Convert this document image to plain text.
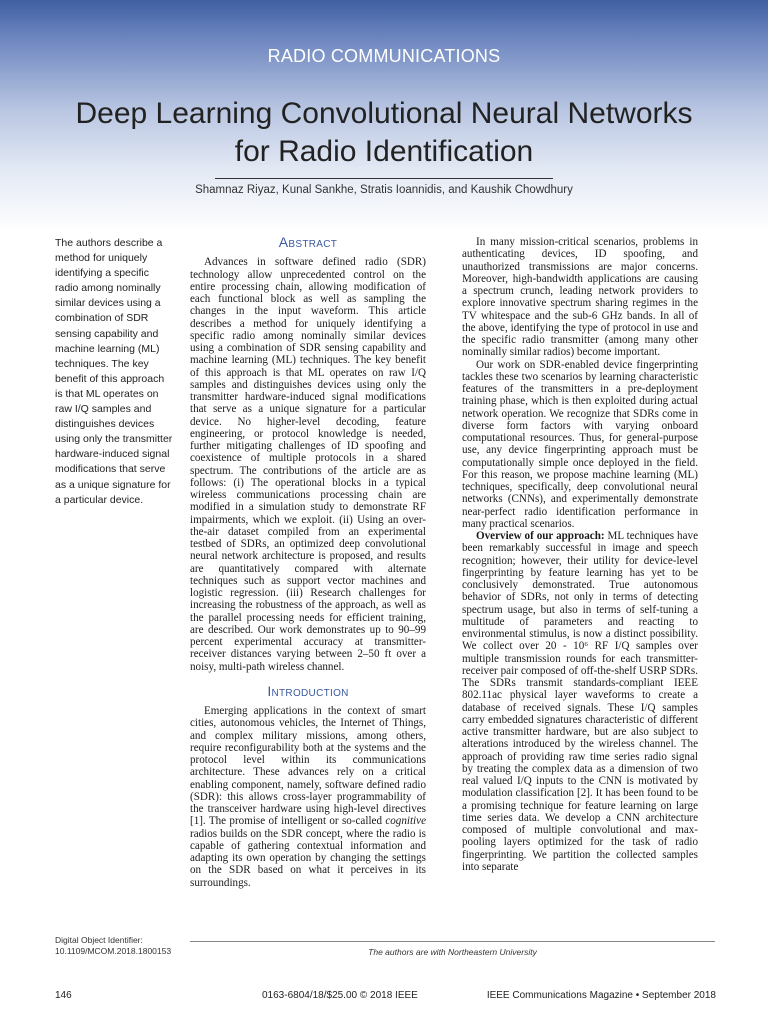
RADIO COMMUNICATIONS
Deep Learning Convolutional Neural Networks for Radio Identification
Shamnaz Riyaz, Kunal Sankhe, Stratis Ioannidis, and Kaushik Chowdhury

The authors describe a method for uniquely identifying a specific radio among nominally similar devices using a combination of SDR sensing capability and machine learning (ML) techniques. The key benefit of this approach is that ML operates on raw I/Q samples and distinguishes devices using only the transmitter hardware-induced signal modifications that serve as a unique signature for a particular device.

Abstract

Advances in software defined radio (SDR) technology allow unprecedented control on the entire processing chain, allowing modification of each functional block as well as sampling the changes in the input waveform. This article describes a method for uniquely identifying a specific radio among nominally similar devices using a combination of SDR sensing capability and machine learning (ML) techniques. The key benefit of this approach is that ML operates on raw I/Q samples and distinguishes devices using only the transmitter hardware-induced signal modifications that serve as a unique signature for a particular device. No higher-level decoding, feature engineering, or protocol knowledge is needed, further mitigating challenges of ID spoofing and coexistence of multiple protocols in a shared spectrum. The contributions of the article are as follows: (i) The operational blocks in a typical wireless communications processing chain are modified in a simulation study to demonstrate RF impairments, which we exploit. (ii) Using an over-the-air dataset compiled from an experimental testbed of SDRs, an optimized deep convolutional neural network architecture is proposed, and results are quantitatively compared with alternate techniques such as support vector machines and logistic regression. (iii) Research challenges for increasing the robustness of the approach, as well as the parallel processing needs for efficient training, are described. Our work demonstrates up to 90–99 percent experimental accuracy at transmitter-receiver distances varying between 2–50 ft over a noisy, multi-path wireless channel.

Introduction

Emerging applications in the context of smart cities, autonomous vehicles, the Internet of Things, and complex military missions, among others, require reconfigurability both at the systems and the protocol level within its communications architecture. These advances rely on a critical enabling component, namely, software defined radio (SDR): this allows cross-layer programmability of the transceiver hardware using high-level directives [1]. The promise of intelligent or so-called cognitive radios builds on the SDR concept, where the radio is capable of gathering contextual information and adapting its own operation by changing the settings on the SDR based on what it perceives in its surroundings.

In many mission-critical scenarios, problems in authenticating devices, ID spoofing, and unauthorized transmissions are major concerns. Moreover, high-bandwidth applications are causing a spectrum crunch, leading network providers to explore innovative spectrum sharing regimes in the TV whitespace and the sub-6 GHz bands. In all of the above, identifying the type of protocol in use and the specific radio transmitter (among many other nominally similar radios) become important.

Our work on SDR-enabled device fingerprinting tackles these two scenarios by learning characteristic features of the transmitters in a pre-deployment training phase, which is then exploited during actual network operation. We recognize that SDRs come in diverse form factors with varying onboard computational resources. Thus, for general-purpose use, any device fingerprinting approach must be computationally simple once deployed in the field. For this reason, we propose machine learning (ML) techniques, specifically, deep convolutional neural networks (CNNs), and experimentally demonstrate near-perfect radio identification performance in many practical scenarios.

Overview of our approach: ML techniques have been remarkably successful in image and speech recognition; however, their utility for device-level fingerprinting by feature learning has yet to be conclusively demonstrated. True autonomous behavior of SDRs, not only in terms of detecting spectrum usage, but also in terms of self-tuning a multitude of parameters and reacting to environmental stimulus, is now a distinct possibility. We collect over 20 - 10⁶ RF I/Q samples over multiple transmission rounds for each transmitter-receiver pair composed of off-the-shelf USRP SDRs. The SDRs transmit standards-compliant IEEE 802.11ac physical layer waveforms to create a database of received signals. These I/Q samples carry embedded signatures characteristic of different active transmitter hardware, but are also subject to alterations introduced by the wireless channel. The approach of providing raw time series radio signal by treating the complex data as a dimension of two real valued I/Q inputs to the CNN is motivated by modulation classification [2]. It has been found to be a promising technique for feature learning on large time series data. We develop a CNN architecture composed of multiple convolutional and max-pooling layers optimized for the task of radio fingerprinting. We partition the collected samples into separate

Digital Object Identifier:
10.1109/MCOM.2018.1800153	The authors are with Northeastern University
146	0163-6804/18/$25.00 © 2018 IEEE	IEEE Communications Magazine • September 2018
